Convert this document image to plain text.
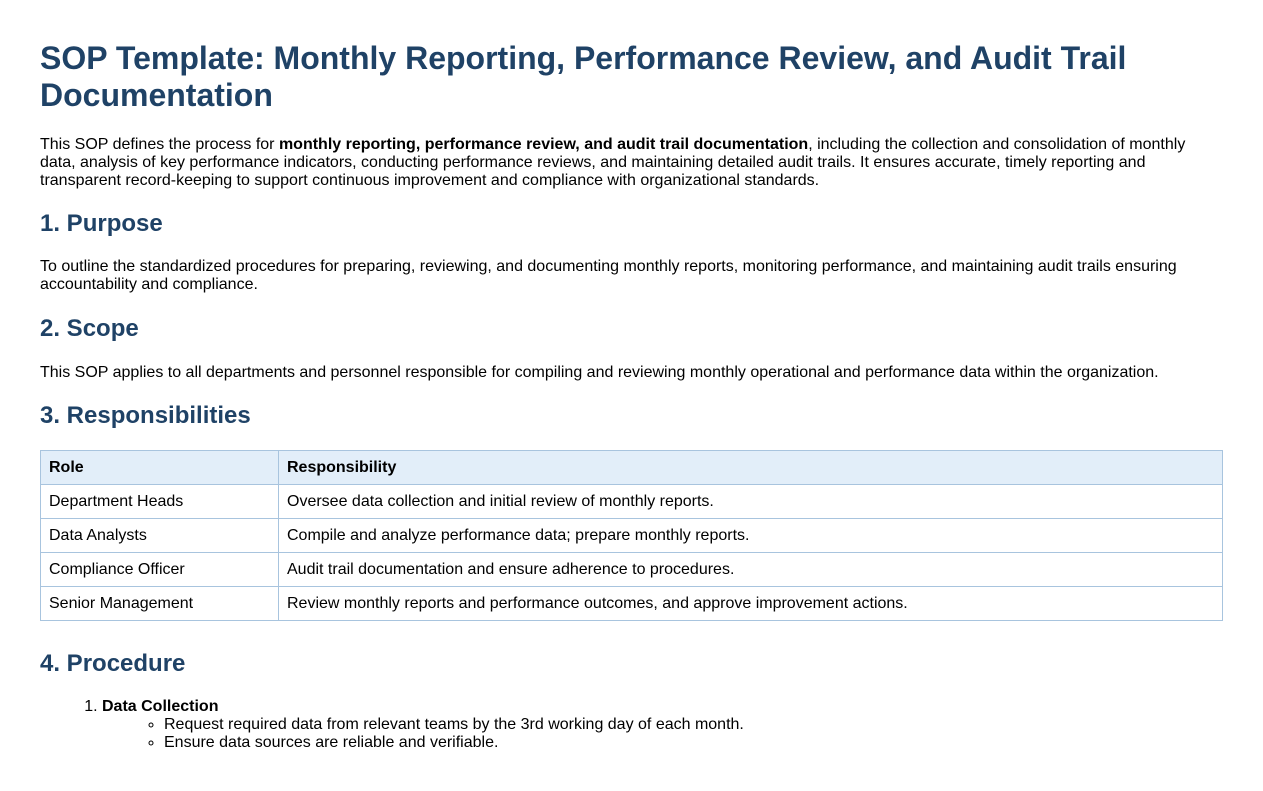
SOP Template: Monthly Reporting, Performance Review, and Audit Trail Documentation

This SOP defines the process for monthly reporting, performance review, and audit trail documentation, including the collection and consolidation of monthly data, analysis of key performance indicators, conducting performance reviews, and maintaining detailed audit trails. It ensures accurate, timely reporting and transparent record-keeping to support continuous improvement and compliance with organizational standards.

1. Purpose

To outline the standardized procedures for preparing, reviewing, and documenting monthly reports, monitoring performance, and maintaining audit trails ensuring accountability and compliance.

2. Scope

This SOP applies to all departments and personnel responsible for compiling and reviewing monthly operational and performance data within the organization.

3. Responsibilities
Role	Responsibility
Department Heads	Oversee data collection and initial review of monthly reports.
Data Analysts	Compile and analyze performance data; prepare monthly reports.
Compliance Officer	Audit trail documentation and ensure adherence to procedures.
Senior Management	Review monthly reports and performance outcomes, and approve improvement actions.
4. Procedure
1. Data Collection
◦ Request required data from relevant teams by the 3rd working day of each month.
◦ Ensure data sources are reliable and verifiable.
